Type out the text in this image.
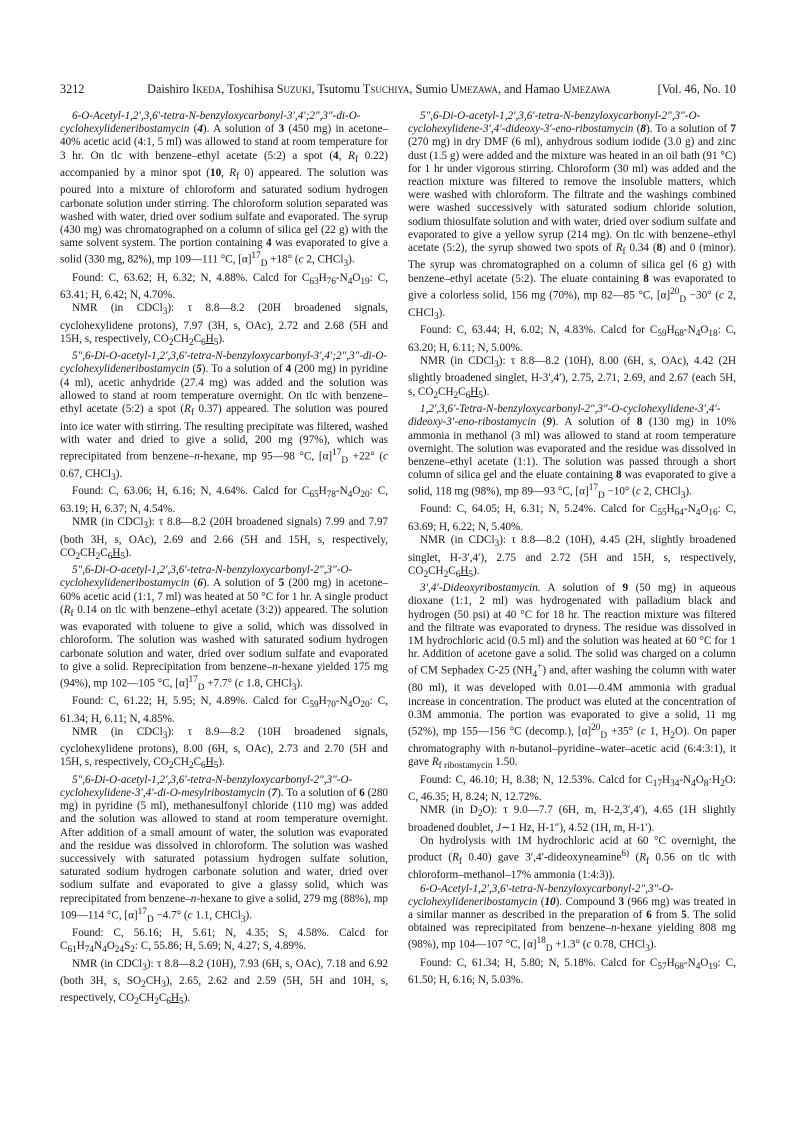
3212	Daishiro Ikeda, Toshihisa Suzuki, Tsutomu Tsuchiya, Sumio Umezawa, and Hamao Umezawa	[Vol. 46, No. 10

6-O-Acetyl-1,2′,3,6′-tetra-N-benzyloxycarbonyl-3′,4′;2″,3″-di-O-cyclohexylideneribostamycin (4). A solution of 3 (450 mg) in acetone–40% acetic acid (4:1, 5 ml) was allowed to stand at room temperature for 3 hr. On tlc with benzene–ethyl acetate (5:2) a spot (4, $R_f$ 0.22) accompanied by a minor spot (10, $R_f$ 0) appeared. The solution was poured into a mixture of chloroform and saturated sodium hydrogen carbonate solution under stirring. The chloroform solution separated was washed with water, dried over sodium sulfate and evaporated. The syrup (430 mg) was chromatographed on a column of silica gel (22 g) with the same solvent system. The portion containing 4 was evaporated to give a solid (330 mg, 82%), mp 109—111 °C, $[\alpha]^{17}_D +18^\circ$ (c 2, CHCl$_3$).

Found: C, 63.62; H, 6.32; N, 4.88%. Calcd for $C_{63}H_{76}-N_4O_{19}$: C, 63.41; H, 6.42; N, 4.70%.

NMR (in CDCl$_3$): τ 8.8—8.2 (20H broadened signals, cyclohexylidene protons), 7.97 (3H, s, OAc), 2.72 and 2.68 (5H and 15H, s, respectively, $CO_2CH_2C_6H_5$).

5″,6-Di-O-acetyl-1,2′,3,6′-tetra-N-benzyloxycarbonyl-3′,4′;2″,3″-di-O-cyclohexylideneribostamycin (5). To a solution of 4 (200 mg) in pyridine (4 ml), acetic anhydride (27.4 mg) was added and the solution was allowed to stand at room temperature overnight. On tlc with benzene–ethyl acetate (5:2) a spot ($R_f$ 0.37) appeared. The solution was poured into ice water with stirring. The resulting precipitate was filtered, washed with water and dried to give a solid, 200 mg (97%), which was reprecipitated from benzene–n-hexane, mp 95—98 °C, $[\alpha]^{17}_D +22^\circ$ (c 0.67, CHCl$_3$).

Found: C, 63.06; H, 6.16; N, 4.64%. Calcd for $C_{65}H_{78}-N_4O_{20}$: C, 63.19; H, 6.37; N, 4.54%.

NMR (in CDCl$_3$): τ 8.8—8.2 (20H broadened signals) 7.99 and 7.97 (both 3H, s, OAc), 2.69 and 2.66 (5H and 15H, s, respectively, $CO_2CH_2C_6H_5$).

5″,6-Di-O-acetyl-1,2′,3,6′-tetra-N-benzyloxycarbonyl-2″,3″-O-cyclohexylideneribostamycin (6). A solution of 5 (200 mg) in acetone–60% acetic acid (1:1, 7 ml) was heated at 50 °C for 1 hr. A single product ($R_f$ 0.14 on tlc with benzene–ethyl acetate (3:2)) appeared. The solution was evaporated with toluene to give a solid, which was dissolved in chloroform. The solution was washed with saturated sodium hydrogen carbonate solution and water, dried over sodium sulfate and evaporated to give a solid. Reprecipitation from benzene–n-hexane yielded 175 mg (94%), mp 102—105 °C, $[\alpha]^{17}_D +7.7^\circ$ (c 1.8, CHCl$_3$).

Found: C, 61.22; H, 5.95; N, 4.89%. Calcd for $C_{59}H_{70}-N_4O_{20}$: C, 61.34; H, 6.11; N, 4.85%.

NMR (in CDCl$_3$): τ 8.9—8.2 (10H broadened signals, cyclohexylidene protons), 8.00 (6H, s, OAc), 2.73 and 2.70 (5H and 15H, s, respectively, $CO_2CH_2C_6H_5$).

5″,6-Di-O-acetyl-1,2′,3,6′-tetra-N-benzyloxycarbonyl-2″,3″-O-cyclohexylidene-3′,4′-di-O-mesylribostamycin (7). To a solution of 6 (280 mg) in pyridine (5 ml), methanesulfonyl chloride (110 mg) was added and the solution was allowed to stand at room temperature overnight. After addition of a small amount of water, the solution was evaporated and the residue was dissolved in chloroform. The solution was washed successively with saturated potassium hydrogen sulfate solution, saturated sodium hydrogen carbonate solution and water, dried over sodium sulfate and evaporated to give a glassy solid, which was reprecipitated from benzene–n-hexane to give a solid, 279 mg (88%), mp 109—114 °C, $[\alpha]^{17}_D -4.7^\circ$ (c 1.1, CHCl$_3$).

Found: C, 56.16; H, 5.61; N, 4.35; S, 4.58%. Calcd for $C_{61}H_{74}N_4O_{24}S_2$: C, 55.86; H, 5.69; N, 4.27; S, 4.89%.

NMR (in CDCl$_3$): τ 8.8—8.2 (10H), 7.93 (6H, s, OAc), 7.18 and 6.92 (both 3H, s, $SO_2CH_3$), 2.65, 2.62 and 2.59 (5H, 5H and 10H, s, respectively, $CO_2CH_2C_6H_5$).

5″,6-Di-O-acetyl-1,2′,3,6′-tetra-N-benzyloxycarbonyl-2″,3″-O-cyclohexylidene-3′,4′-dideoxy-3′-eno-ribostamycin (8). To a solution of 7 (270 mg) in dry DMF (6 ml), anhydrous sodium iodide (3.0 g) and zinc dust (1.5 g) were added and the mixture was heated in an oil bath (91 °C) for 1 hr under vigorous stirring. Chloroform (30 ml) was added and the reaction mixture was filtered to remove the insoluble matters, which were washed with chloroform. The filtrate and the washings combined were washed successively with saturated sodium chloride solution, sodium thiosulfate solution and with water, dried over sodium sulfate and evaporated to give a yellow syrup (214 mg). On tlc with benzene–ethyl acetate (5:2), the syrup showed two spots of $R_f$ 0.34 (8) and 0 (minor). The syrup was chromatographed on a column of silica gel (6 g) with benzene–ethyl acetate (5:2). The eluate containing 8 was evaporated to give a colorless solid, 156 mg (70%), mp 82—85 °C, $[\alpha]^{20}_D -30^\circ$ (c 2, CHCl$_3$).

Found: C, 63.44; H, 6.02; N, 4.83%. Calcd for $C_{59}H_{68}-N_4O_{18}$: C, 63.20; H, 6.11; N, 5.00%.

NMR (in CDCl$_3$): τ 8.8—8.2 (10H), 8.00 (6H, s, OAc), 4.42 (2H slightly broadened singlet, H-3′,4′), 2.75, 2.71, 2.69, and 2.67 (each 5H, s, $CO_2CH_2C_6H_5$).

1,2′,3,6′-Tetra-N-benzyloxycarbonyl-2″,3″-O-cyclohexylidene-3′,4′-dideoxy-3′-eno-ribostamycin (9). A solution of 8 (130 mg) in 10% ammonia in methanol (3 ml) was allowed to stand at room temperature overnight. The solution was evaporated and the residue was dissolved in benzene–ethyl acetate (1:1). The solution was passed through a short column of silica gel and the eluate containing 8 was evaporated to give a solid, 118 mg (98%), mp 89—93 °C, $[\alpha]^{17}_D -10^\circ$ (c 2, CHCl$_3$).

Found: C, 64.05; H, 6.31; N, 5.24%. Calcd for $C_{55}H_{64}-N_4O_{16}$: C, 63.69; H, 6.22; N, 5.40%.

NMR (in CDCl$_3$): τ 8.8—8.2 (10H), 4.45 (2H, slightly broadened singlet, H-3′,4′), 2.75 and 2.72 (5H and 15H, s, respectively, $CO_2CH_2C_6H_5$).

3′,4′-Dideoxyribostamycin. A solution of 9 (50 mg) in aqueous dioxane (1:1, 2 ml) was hydrogenated with palladium black and hydrogen (50 psi) at 40 °C for 18 hr. The reaction mixture was filtered and the filtrate was evaporated to dryness. The residue was dissolved in 1M hydrochloric acid (0.5 ml) and the solution was heated at 60 °C for 1 hr. Addition of acetone gave a solid. The solid was charged on a column of CM Sephadex C-25 $(NH_4^+)$ and, after washing the column with water (80 ml), it was developed with 0.01—0.4M ammonia with gradual increase in concentration. The product was eluted at the concentration of 0.3M ammonia. The portion was evaporated to give a solid, 11 mg (52%), mp 155—156 °C (decomp.), $[\alpha]^{20}_D +35^\circ$ (c 1, $H_2O$). On paper chromatography with n-butanol–pyridine–water–acetic acid (6:4:3:1), it gave $R_{f ribostamycin}$ 1.50.

Found: C, 46.10; H, 8.38; N, 12.53%. Calcd for $C_{17}H_{34}-N_4O_8\cdot H_2O$: C, 46.35; H, 8.24; N, 12.72%.

NMR (in $D_2O$): τ 9.0—7.7 (6H, m, H-2,3′,4′), 4.65 (1H slightly broadened doublet, J∼1 Hz, H-1″), 4.52 (1H, m, H-1′).

On hydrolysis with 1M hydrochloric acid at 60 °C overnight, the product ($R_f$ 0.40) gave 3′,4′-dideoxyneamine$^{6)}$ ($R_f$ 0.56 on tlc with chloroform–methanol–17% ammonia (1:4:3)).

6-O-Acetyl-1,2′,3,6′-tetra-N-benzyloxycarbonyl-2″,3″-O-cyclohexylideneribostamycin (10). Compound 3 (966 mg) was treated in a similar manner as described in the preparation of 6 from 5. The solid obtained was reprecipitated from benzene–n-hexane yielding 808 mg (98%), mp 104—107 °C, $[\alpha]^{18}_D +1.3^\circ$ (c 0.78, CHCl$_3$).

Found: C, 61.34; H, 5.80; N, 5.18%. Calcd for $C_{57}H_{68}-N_4O_{19}$: C, 61.50; H, 6.16; N, 5.03%.
